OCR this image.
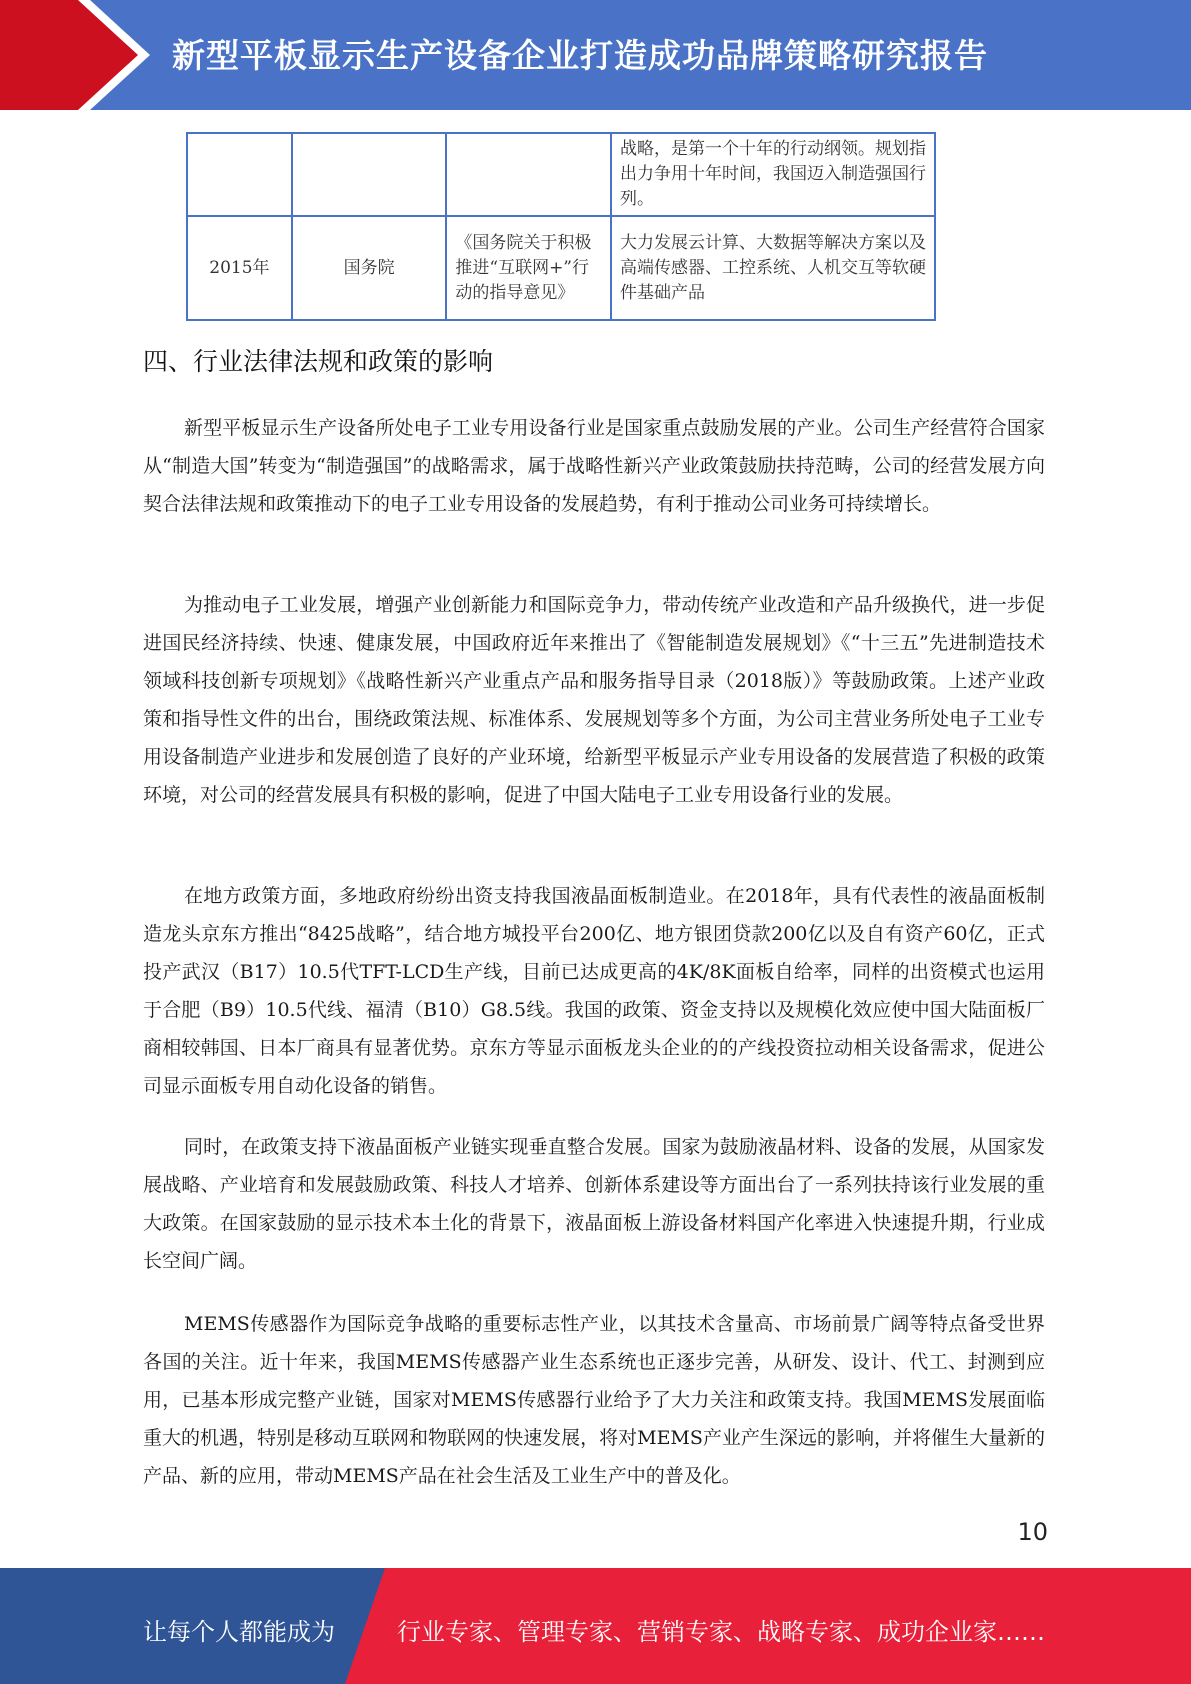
新型平板显示生产设备企业打造成功品牌策略研究报告
			战略，是第一个十年的行动纲领。规划指出力争用十年时间，我国迈入制造强国行列。
2015年	国务院	《国务院关于积极推进“互联网+”行动的指导意见》	大力发展云计算、大数据等解决方案以及高端传感器、工控系统、人机交互等软硬件基础产品
四、行业法律法规和政策的影响

新型平板显示生产设备所处电子工业专用设备行业是国家重点鼓励发展的产业。公司生产经营符合国家从“制造大国”转变为“制造强国”的战略需求，属于战略性新兴产业政策鼓励扶持范畴，公司的经营发展方向契合法律法规和政策推动下的电子工业专用设备的发展趋势，有利于推动公司业务可持续增长。

为推动电子工业发展，增强产业创新能力和国际竞争力，带动传统产业改造和产品升级换代，进一步促进国民经济持续、快速、健康发展，中国政府近年来推出了《智能制造发展规划》《“十三五”先进制造技术领域科技创新专项规划》《战略性新兴产业重点产品和服务指导目录（2018版）》等鼓励政策。上述产业政策和指导性文件的出台，围绕政策法规、标准体系、发展规划等多个方面，为公司主营业务所处电子工业专用设备制造产业进步和发展创造了良好的产业环境，给新型平板显示产业专用设备的发展营造了积极的政策环境，对公司的经营发展具有积极的影响，促进了中国大陆电子工业专用设备行业的发展。

在地方政策方面，多地政府纷纷出资支持我国液晶面板制造业。在2018年，具有代表性的液晶面板制造龙头京东方推出“8425战略”，结合地方城投平台200亿、地方银团贷款200亿以及自有资产60亿，正式投产武汉（B17）10.5代TFT-LCD生产线，目前已达成更高的4K/8K面板自给率，同样的出资模式也运用于合肥（B9）10.5代线、福清（B10）G8.5线。我国的政策、资金支持以及规模化效应使中国大陆面板厂商相较韩国、日本厂商具有显著优势。京东方等显示面板龙头企业的的产线投资拉动相关设备需求，促进公司显示面板专用自动化设备的销售。

同时，在政策支持下液晶面板产业链实现垂直整合发展。国家为鼓励液晶材料、设备的发展，从国家发展战略、产业培育和发展鼓励政策、科技人才培养、创新体系建设等方面出台了一系列扶持该行业发展的重大政策。在国家鼓励的显示技术本土化的背景下，液晶面板上游设备材料国产化率进入快速提升期，行业成长空间广阔。

MEMS传感器作为国际竞争战略的重要标志性产业，以其技术含量高、市场前景广阔等特点备受世界各国的关注。近十年来，我国MEMS传感器产业生态系统也正逐步完善，从研发、设计、代工、封测到应用，已基本形成完整产业链，国家对MEMS传感器行业给予了大力关注和政策支持。我国MEMS发展面临重大的机遇，特别是移动互联网和物联网的快速发展，将对MEMS产业产生深远的影响，并将催生大量新的产品、新的应用，带动MEMS产品在社会生活及工业生产中的普及化。

10
让每个人都能成为	行业专家、管理专家、营销专家、战略专家、成功企业家……
